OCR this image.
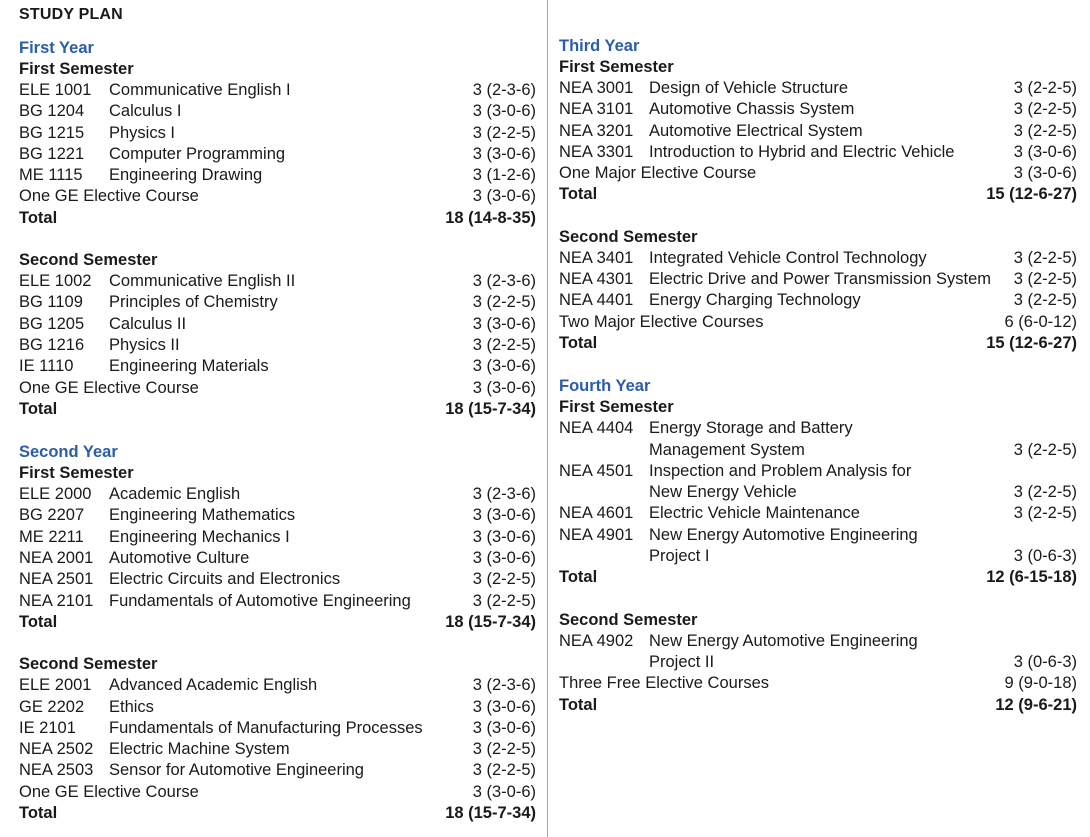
STUDY PLAN
First Year
First Semester
ELE 1001 Communicative English I	3 (2-3-6)
BG 1204 Calculus I	3 (3-0-6)
BG 1215 Physics I	3 (2-2-5)
BG 1221 Computer Programming	3 (3-0-6)
ME 1115 Engineering Drawing	3 (1-2-6)
One GE Elective Course	3 (3-0-6)
Total	18 (14-8-35)
Second Semester
ELE 1002 Communicative English II	3 (2-3-6)
BG 1109 Principles of Chemistry	3 (2-2-5)
BG 1205 Calculus II	3 (3-0-6)
BG 1216 Physics II	3 (2-2-5)
IE 1110 Engineering Materials	3 (3-0-6)
One GE Elective Course	3 (3-0-6)
Total	18 (15-7-34)
Second Year
First Semester
ELE 2000 Academic English	3 (2-3-6)
BG 2207 Engineering Mathematics	3 (3-0-6)
ME 2211 Engineering Mechanics I	3 (3-0-6)
NEA 2001 Automotive Culture	3 (3-0-6)
NEA 2501 Electric Circuits and Electronics	3 (2-2-5)
NEA 2101 Fundamentals of Automotive Engineering	3 (2-2-5)
Total	18 (15-7-34)
Second Semester
ELE 2001 Advanced Academic English	3 (2-3-6)
GE 2202 Ethics	3 (3-0-6)
IE 2101 Fundamentals of Manufacturing Processes	3 (3-0-6)
NEA 2502 Electric Machine System	3 (2-2-5)
NEA 2503 Sensor for Automotive Engineering	3 (2-2-5)
One GE Elective Course	3 (3-0-6)
Total	18 (15-7-34)
Third Year
First Semester
NEA 3001 Design of Vehicle Structure	3 (2-2-5)
NEA 3101 Automotive Chassis System	3 (2-2-5)
NEA 3201 Automotive Electrical System	3 (2-2-5)
NEA 3301 Introduction to Hybrid and Electric Vehicle	3 (3-0-6)
One Major Elective Course	3 (3-0-6)
Total	15 (12-6-27)
Second Semester
NEA 3401 Integrated Vehicle Control Technology	3 (2-2-5)
NEA 4301 Electric Drive and Power Transmission System 3 (2-2-5)
NEA 4401 Energy Charging Technology	3 (2-2-5)
Two Major Elective Courses	6 (6-0-12)
Total	15 (12-6-27)
Fourth Year
First Semester
NEA 4404 Energy Storage and Battery
Management System	3 (2-2-5)
NEA 4501 Inspection and Problem Analysis for
New Energy Vehicle	3 (2-2-5)
NEA 4601 Electric Vehicle Maintenance	3 (2-2-5)
NEA 4901 New Energy Automotive Engineering
Project I	3 (0-6-3)
Total	12 (6-15-18)
Second Semester
NEA 4902 New Energy Automotive Engineering
Project II	3 (0-6-3)
Three Free Elective Courses	9 (9-0-18)
Total	12 (9-6-21)
